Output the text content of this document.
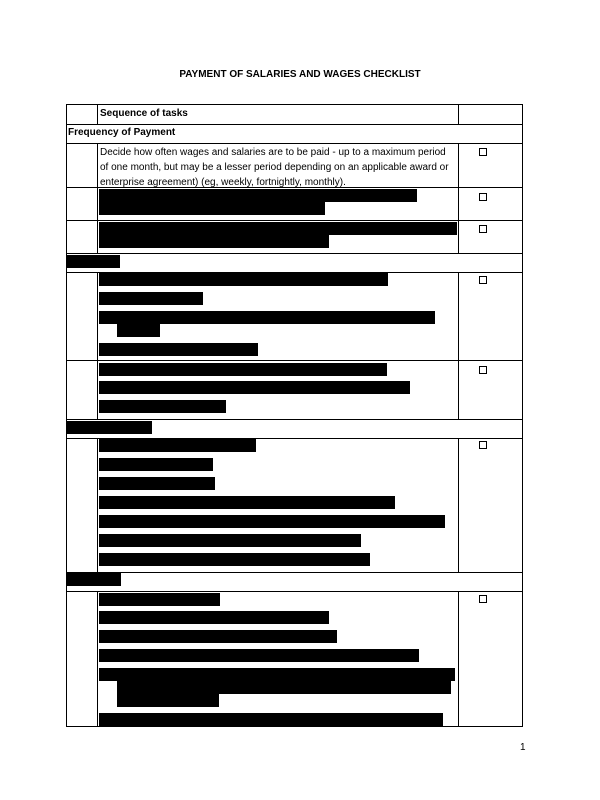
PAYMENT OF SALARIES AND WAGES CHECKLIST
Sequence of tasks
Frequency of Payment
Decide how often wages and salaries are to be paid - up to a maximum period
of one month, but may be a lesser period depending on an applicable award or
enterprise agreement) (eg, weekly, fortnightly, monthly).
1
